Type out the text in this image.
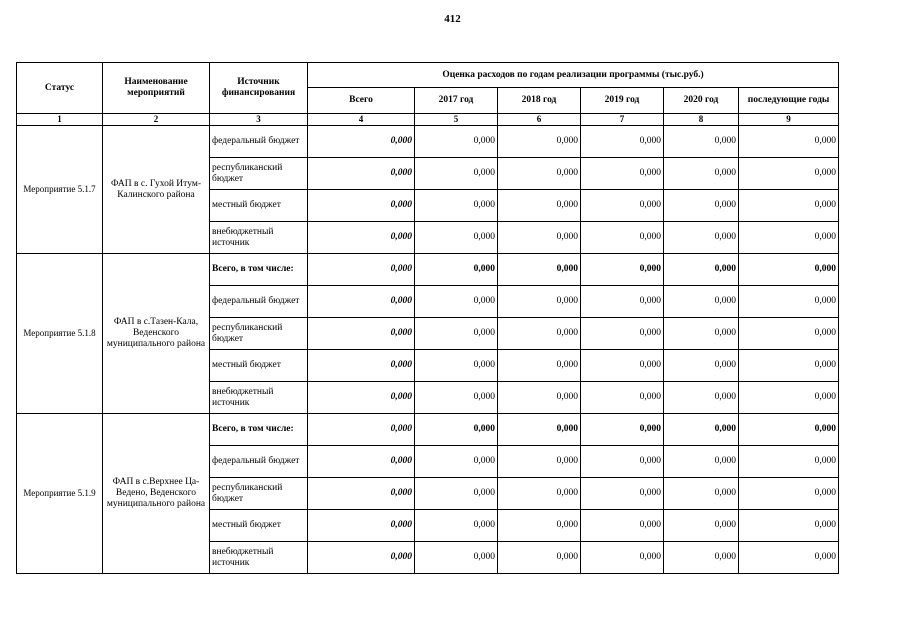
412
Статус	Наименование мероприятий	Источник финансирования	Оценка расходов по годам реализации программы (тыс.руб.)					
			Всего	2017 год	2018 год	2019 год	2020 год	последующие годы
1	2	3	4	5	6	7	8	9
Мероприятие 5.1.7	ФАП в с. Гухой Итум-Калинского района	федеральный бюджет	0,000	0,000	0,000	0,000	0,000	0,000
		республиканский бюджет	0,000	0,000	0,000	0,000	0,000	0,000
		местный бюджет	0,000	0,000	0,000	0,000	0,000	0,000
		внебюджетный источник	0,000	0,000	0,000	0,000	0,000	0,000
Мероприятие 5.1.8	ФАП в с.Тазен-Кала, Веденского муниципального района	Всего, в том числе:	0,000	0,000	0,000	0,000	0,000	0,000
		федеральный бюджет	0,000	0,000	0,000	0,000	0,000	0,000
		республиканский бюджет	0,000	0,000	0,000	0,000	0,000	0,000
		местный бюджет	0,000	0,000	0,000	0,000	0,000	0,000
		внебюджетный источник	0,000	0,000	0,000	0,000	0,000	0,000
Мероприятие 5.1.9	ФАП в с.Верхнее Ца-Ведено, Веденского муниципального района	Всего, в том числе:	0,000	0,000	0,000	0,000	0,000	0,000
		федеральный бюджет	0,000	0,000	0,000	0,000	0,000	0,000
		республиканский бюджет	0,000	0,000	0,000	0,000	0,000	0,000
		местный бюджет	0,000	0,000	0,000	0,000	0,000	0,000
		внебюджетный источник	0,000	0,000	0,000	0,000	0,000	0,000
